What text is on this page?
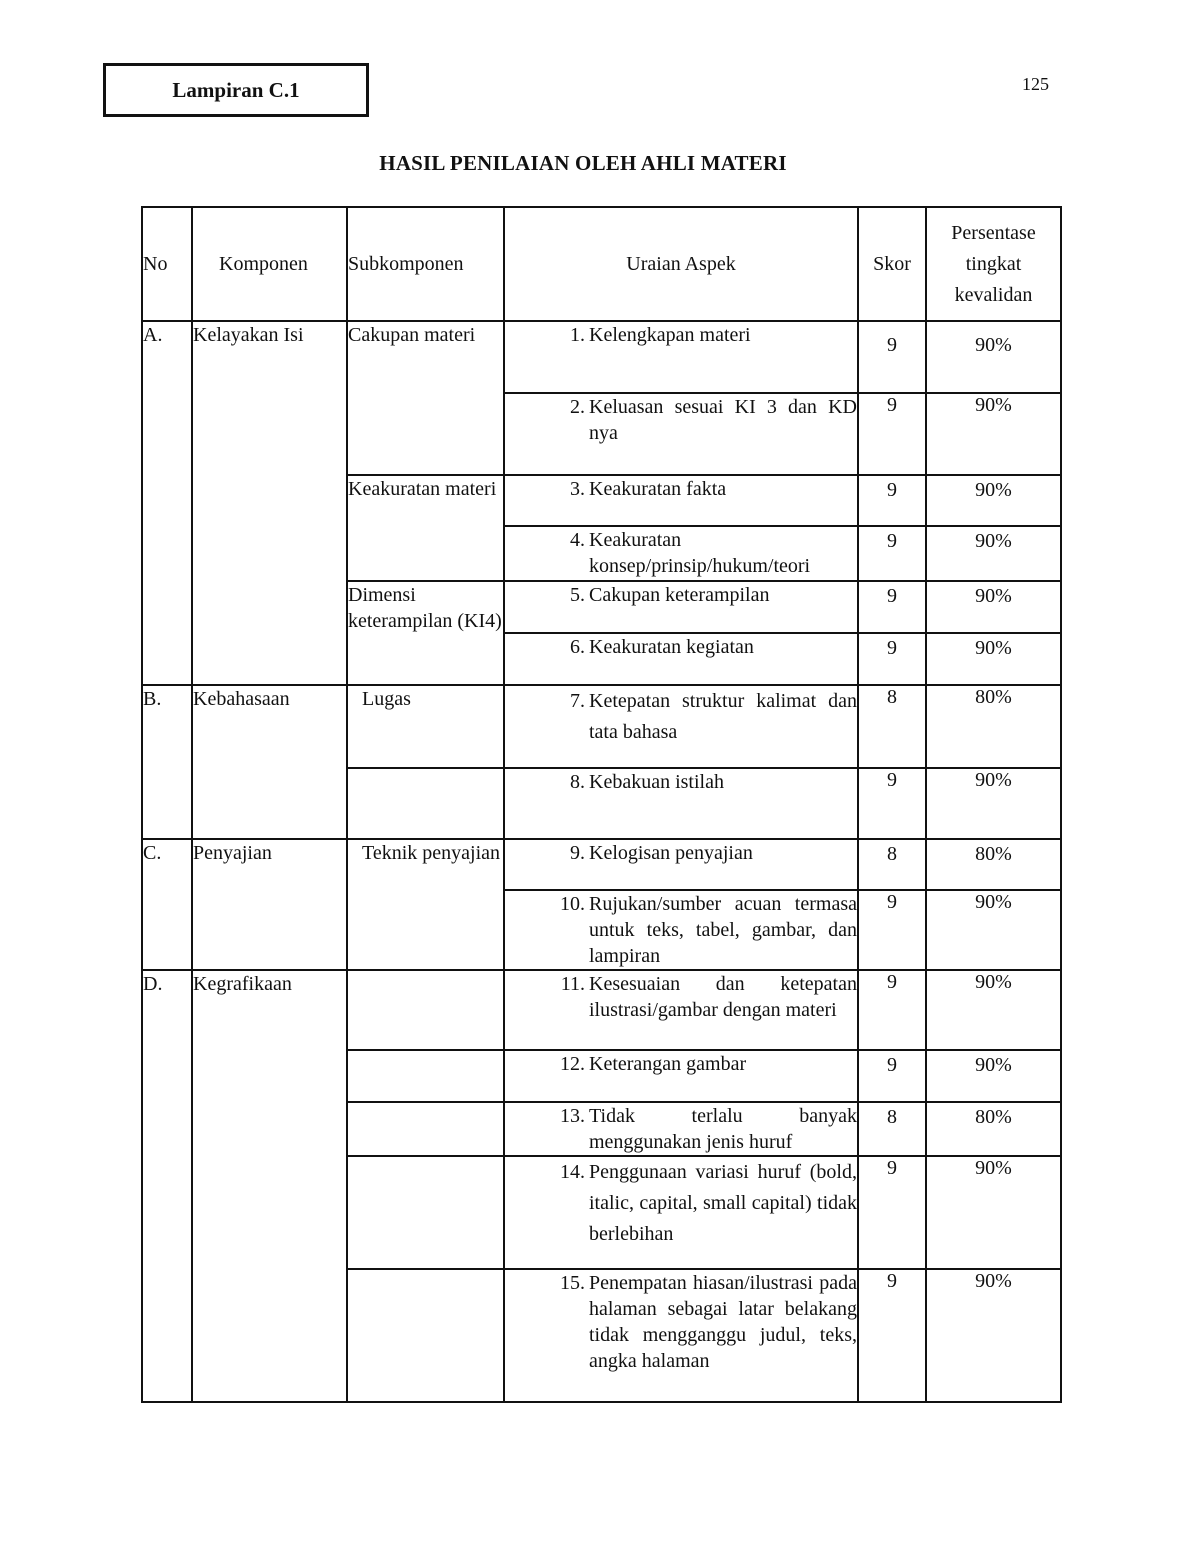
Lampiran C.1	125
HASIL PENILAIAN OLEH AHLI MATERI
No	Komponen	Subkomponen	Uraian Aspek	Skor	Persentase
tingkat
kevalidan

A.	Kelayakan Isi	Cakupan materi	1. Kelengkapan materi	9	90%

			2. Keluasan sesuai KI 3 dan KD nya	9	90%
		Keakuratan materi	3. Keakuratan fakta	9	90%

			4. Keakuratan konsep/prinsip/hukum/teori	9	90%
		Dimensi keterampilan (KI4)	5. Cakupan keterampilan	9	90%

			6. Keakuratan kegiatan	9	90%
B.	Kebahasaan	Lugas	7. Ketepatan struktur kalimat dan tata bahasa	8	80%

			8. Kebakuan istilah	9	90%
C.	Penyajian	Teknik penyajian	9. Kelogisan penyajian	8	80%

			10. Rujukan/sumber acuan termasa untuk teks, tabel, gambar, dan lampiran	9	90%
D.	Kegrafikaan		11. Kesesuaian dan ketepatan ilustrasi/gambar dengan materi	9	90%

			12. Keterangan gambar	9	90%

			13. Tidak terlalu banyak menggunakan jenis huruf	8	80%

			14. Penggunaan variasi huruf (bold, italic, capital, small capital) tidak berlebihan	9	90%

			15. Penempatan hiasan/ilustrasi pada halaman sebagai latar belakang tidak mengganggu judul, teks, angka halaman	9	90%
